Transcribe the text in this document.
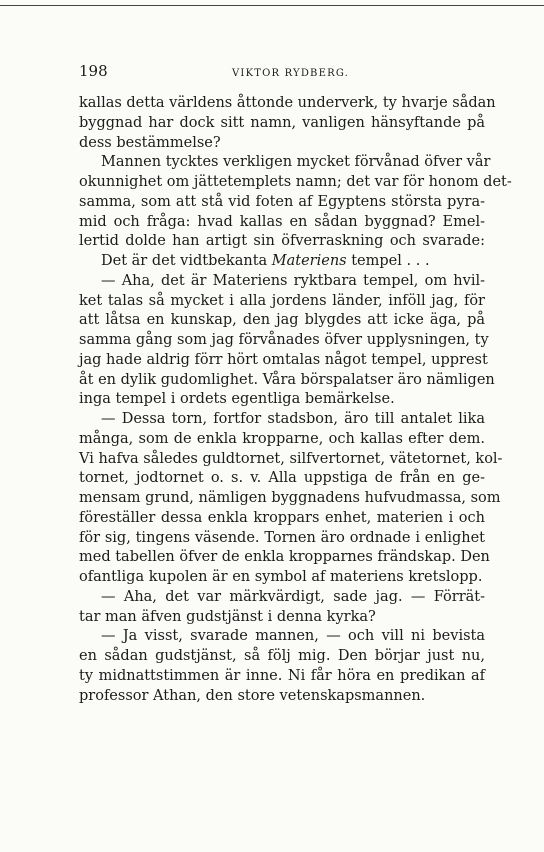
198	VIKTOR RYDBERG.
kallas detta världens åttonde underverk, ty hvarje sådan
byggnad har dock sitt namn, vanligen hänsyftande på
dess bestämmelse?
Mannen tycktes verkligen mycket förvånad öfver vår
okunnighet om jättetemplets namn; det var för honom det-
samma, som att stå vid foten af Egyptens största pyra-
mid och fråga: hvad kallas en sådan byggnad? Emel-
lertid dolde han artigt sin öfverraskning och svarade:
Det är det vidtbekanta Materiens tempel . . .
— Aha, det är Materiens ryktbara tempel, om hvil-
ket talas så mycket i alla jordens länder, inföll jag, för
att låtsa en kunskap, den jag blygdes att icke äga, på
samma gång som jag förvånades öfver upplysningen, ty
jag hade aldrig förr hört omtalas något tempel, upprest
åt en dylik gudomlighet. Våra börspalatser äro nämligen
inga tempel i ordets egentliga bemärkelse.
— Dessa torn, fortfor stadsbon, äro till antalet lika
många, som de enkla kropparne, och kallas efter dem.
Vi hafva således guldtornet, silfvertornet, vätetornet, kol-
tornet, jodtornet o. s. v. Alla uppstiga de från en ge-
mensam grund, nämligen byggnadens hufvudmassa, som
föreställer dessa enkla kroppars enhet, materien i och
för sig, tingens väsende. Tornen äro ordnade i enlighet
med tabellen öfver de enkla kropparnes frändskap. Den
ofantliga kupolen är en symbol af materiens kretslopp.
— Aha, det var märkvärdigt, sade jag. — Förrät-
tar man äfven gudstjänst i denna kyrka?
— Ja visst, svarade mannen, — och vill ni bevista
en sådan gudstjänst, så följ mig. Den börjar just nu,
ty midnattstimmen är inne. Ni får höra en predikan af
professor Athan, den store vetenskapsmannen.
